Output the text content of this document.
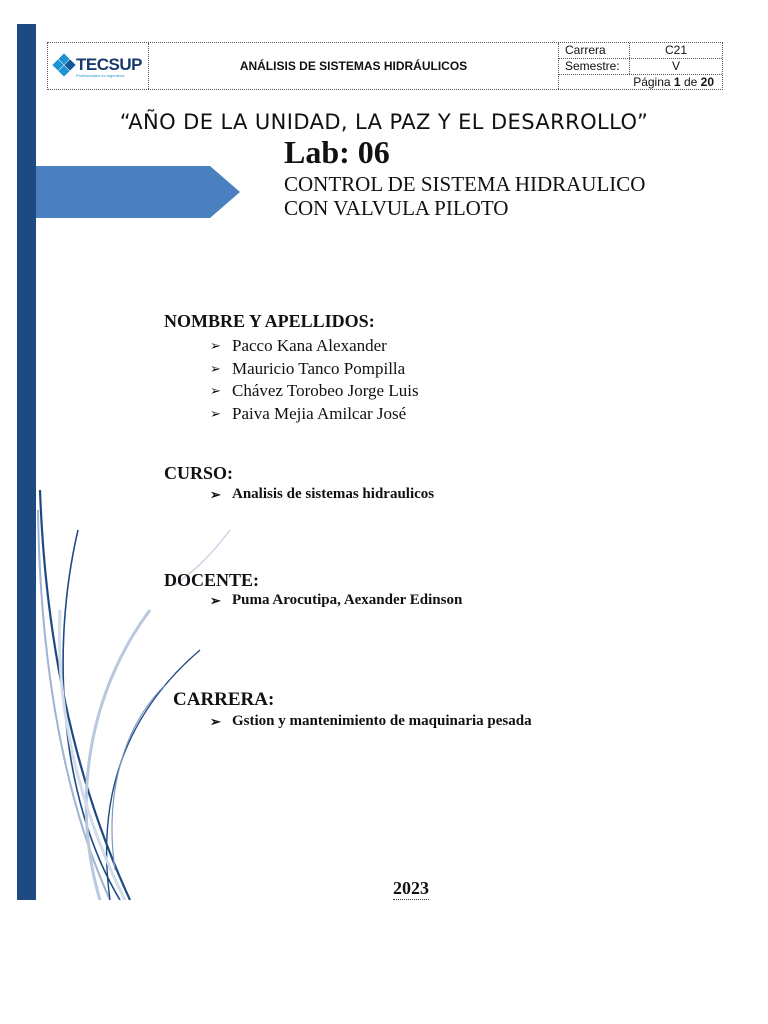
TECSUP
Profesionales en ingeniería
ANÁLISIS DE SISTEMAS HIDRÁULICOS
Carrera	C21
Semestre:	V
Página 1 de 20
“AÑO DE LA UNIDAD, LA PAZ Y EL DESARROLLO”
Lab: 06
CONTROL DE SISTEMA HIDRAULICO
CON VALVULA PILOTO
NOMBRE Y APELLIDOS:
➢ Pacco Kana Alexander
➢ Mauricio Tanco Pompilla
➢ Chávez Torobeo Jorge Luis
➢ Paiva Mejia Amilcar José
CURSO:
➢ Analisis de sistemas hidraulicos
DOCENTE:
➢ Puma Arocutipa, Aexander Edinson
CARRERA:
➢ Gstion y mantenimiento de maquinaria pesada
2023
